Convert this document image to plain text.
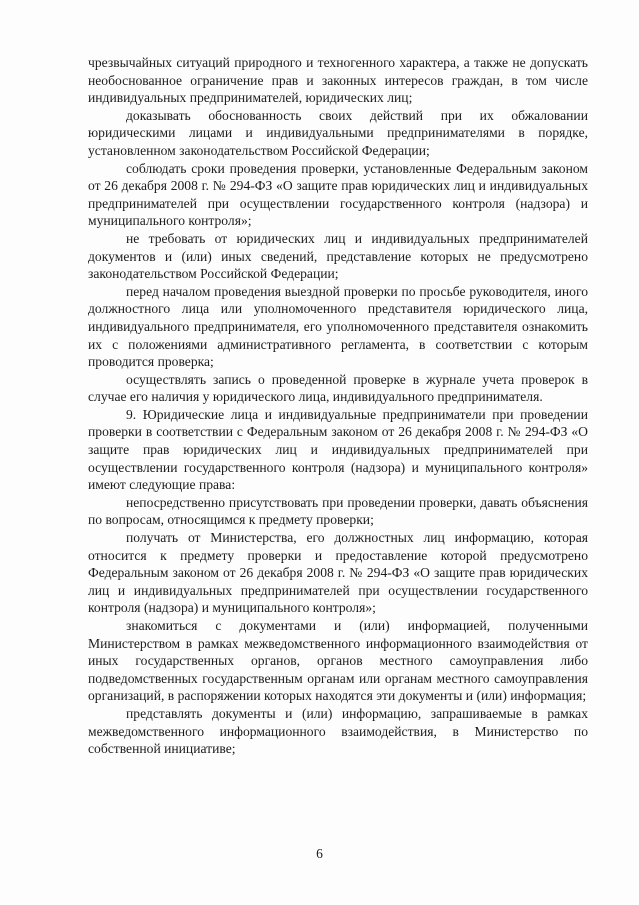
чрезвычайных ситуаций природного и техногенного характера, а также не допускать необоснованное ограничение прав и законных интересов граждан, в том числе индивидуальных предпринимателей, юридических лиц;

доказывать обоснованность своих действий при их обжаловании юридическими лицами и индивидуальными предпринимателями в порядке, установленном законодательством Российской Федерации;

соблюдать сроки проведения проверки, установленные Федеральным законом от 26 декабря 2008 г. № 294-ФЗ «О защите прав юридических лиц и индивидуальных предпринимателей при осуществлении государственного контроля (надзора) и муниципального контроля»;

не требовать от юридических лиц и индивидуальных предпринимателей документов и (или) иных сведений, представление которых не предусмотрено законодательством Российской Федерации;

перед началом проведения выездной проверки по просьбе руководителя, иного должностного лица или уполномоченного представителя юридического лица, индивидуального предпринимателя, его уполномоченного представителя ознакомить их с положениями административного регламента, в соответствии с которым проводится проверка;

осуществлять запись о проведенной проверке в журнале учета проверок в случае его наличия у юридического лица, индивидуального предпринимателя.

9. Юридические лица и индивидуальные предприниматели при проведении проверки в соответствии с Федеральным законом от 26 декабря 2008 г. № 294-ФЗ «О защите прав юридических лиц и индивидуальных предпринимателей при осуществлении государственного контроля (надзора) и муниципального контроля» имеют следующие права:

непосредственно присутствовать при проведении проверки, давать объяснения по вопросам, относящимся к предмету проверки;

получать от Министерства, его должностных лиц информацию, которая относится к предмету проверки и предоставление которой предусмотрено Федеральным законом от 26 декабря 2008 г. № 294-ФЗ «О защите прав юридических лиц и индивидуальных предпринимателей при осуществлении государственного контроля (надзора) и муниципального контроля»;

знакомиться с документами и (или) информацией, полученными Министерством в рамках межведомственного информационного взаимодействия от иных государственных органов, органов местного самоуправления либо подведомственных государственным органам или органам местного самоуправления организаций, в распоряжении которых находятся эти документы и (или) информация;

представлять документы и (или) информацию, запрашиваемые в рамках межведомственного информационного взаимодействия, в Министерство по собственной инициативе;

6
